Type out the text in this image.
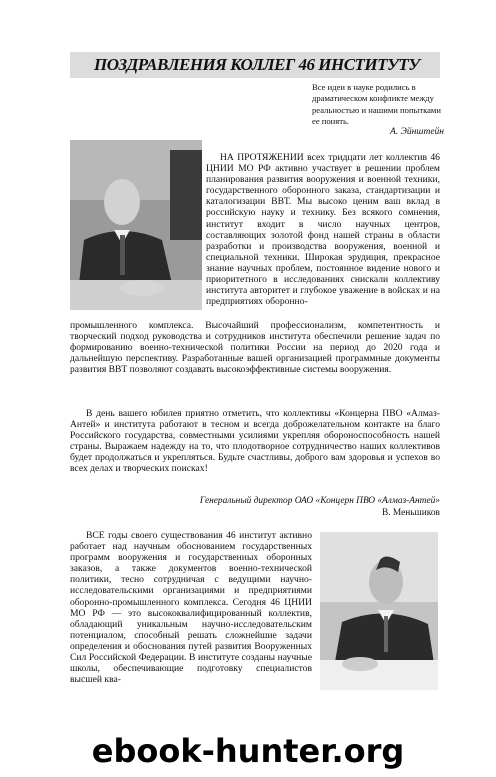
ПОЗДРАВЛЕНИЯ КОЛЛЕГ 46 ИНСТИТУТУ
Все идеи в науке родились в драматическом конфликте между реальностью и нашими попытками ее понять.
А. Эйнштейн
НА ПРОТЯЖЕНИИ всех тридцати лет коллектив 46 ЦНИИ МО РФ активно участвует в решении проблем планирования развития вооружения и военной техники, государственного оборонного заказа, стандартизации и каталогизации ВВТ. Мы высоко ценим ваш вклад в российскую науку и технику. Без всякого сомнения, институт входит в число научных центров, составляющих золотой фонд нашей страны в области разработки и производства вооружения, военной и специальной техники. Широкая эрудиция, прекрасное знание научных проблем, постоянное видение нового и приоритетного в исследованиях снискали коллективу института авторитет и глубокое уважение в войсках и на предприятиях оборонно-
промышленного комплекса. Высочайший профессионализм, компетентность и творческий подход руководства и сотрудников института обеспечили решение задач по формированию военно-технической политики России на период до 2020 года и дальнейшую перспективу. Разработанные вашей организацией программные документы развития ВВТ позволяют создавать высокоэффективные системы вооружения.
В день вашего юбилея приятно отметить, что коллективы «Концерна ПВО «Алмаз-Антей» и института работают в тесном и всегда доброжелательном контакте на благо Российского государства, совместными усилиями укрепляя обороноспособность нашей страны. Выражаем надежду на то, что плодотворное сотрудничество наших коллективов будет продолжаться и укрепляться. Будьте счастливы, доброго вам здоровья и успехов во всех делах и творческих поисках!
Генеральный директор ОАО «Концерн ПВО «Алмаз-Антей»
В. Меньшиков
ВСЕ годы своего существования 46 институт активно работает над научным обоснованием государственных программ вооружения и государственных оборонных заказов, а также документов военно-технической политики, тесно сотрудничая с ведущими научно-исследовательскими организациями и предприятиями оборонно-промышленного комплекса. Сегодня 46 ЦНИИ МО РФ — это высококвалифицированный коллектив, обладающий уникальным научно-исследовательским потенциалом, способный решать сложнейшие задачи определения и обоснования путей развития Вооруженных Сил Российской Федерации. В институте созданы научные школы, обеспечивающие подготовку специалистов высшей ква-
ebook-hunter.org
